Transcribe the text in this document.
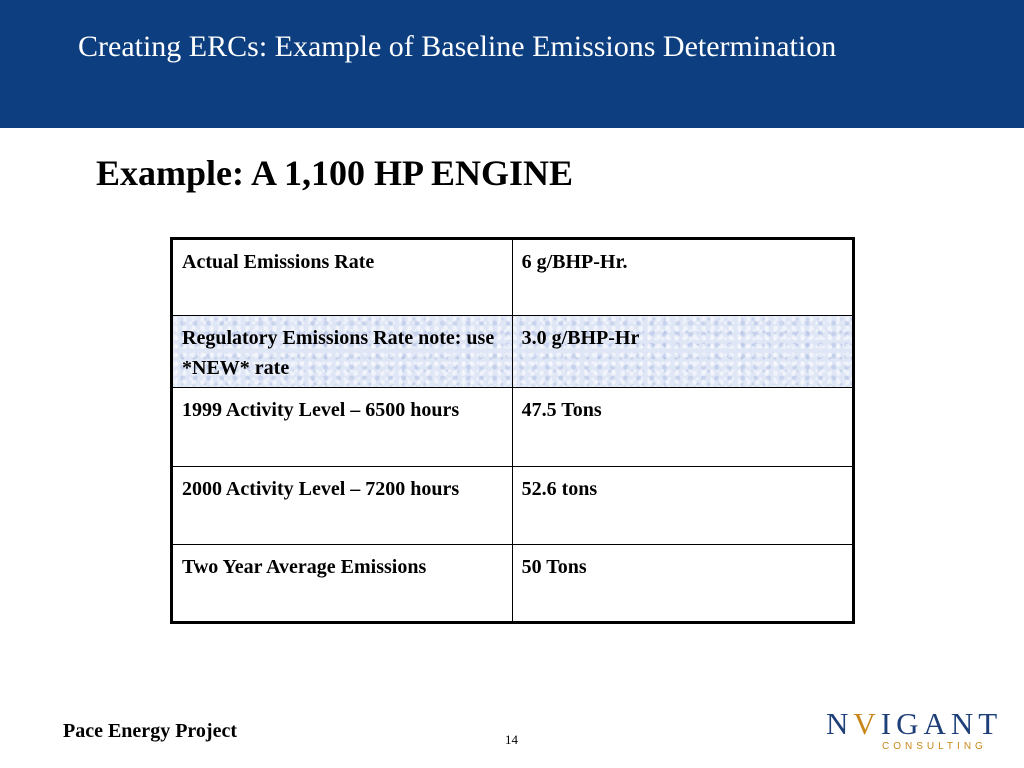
Creating ERCs: Example of Baseline Emissions Determination
Example: A 1,100 HP ENGINE
Actual Emissions Rate	6 g/BHP-Hr.
Regulatory Emissions Rate note: use *NEW* rate	3.0 g/BHP-Hr
1999 Activity Level – 6500 hours	47.5 Tons
2000 Activity Level – 7200 hours	52.6 tons
Two Year Average Emissions	50 Tons
Pace Energy Project	14	NVIGANT
CONSULTING
